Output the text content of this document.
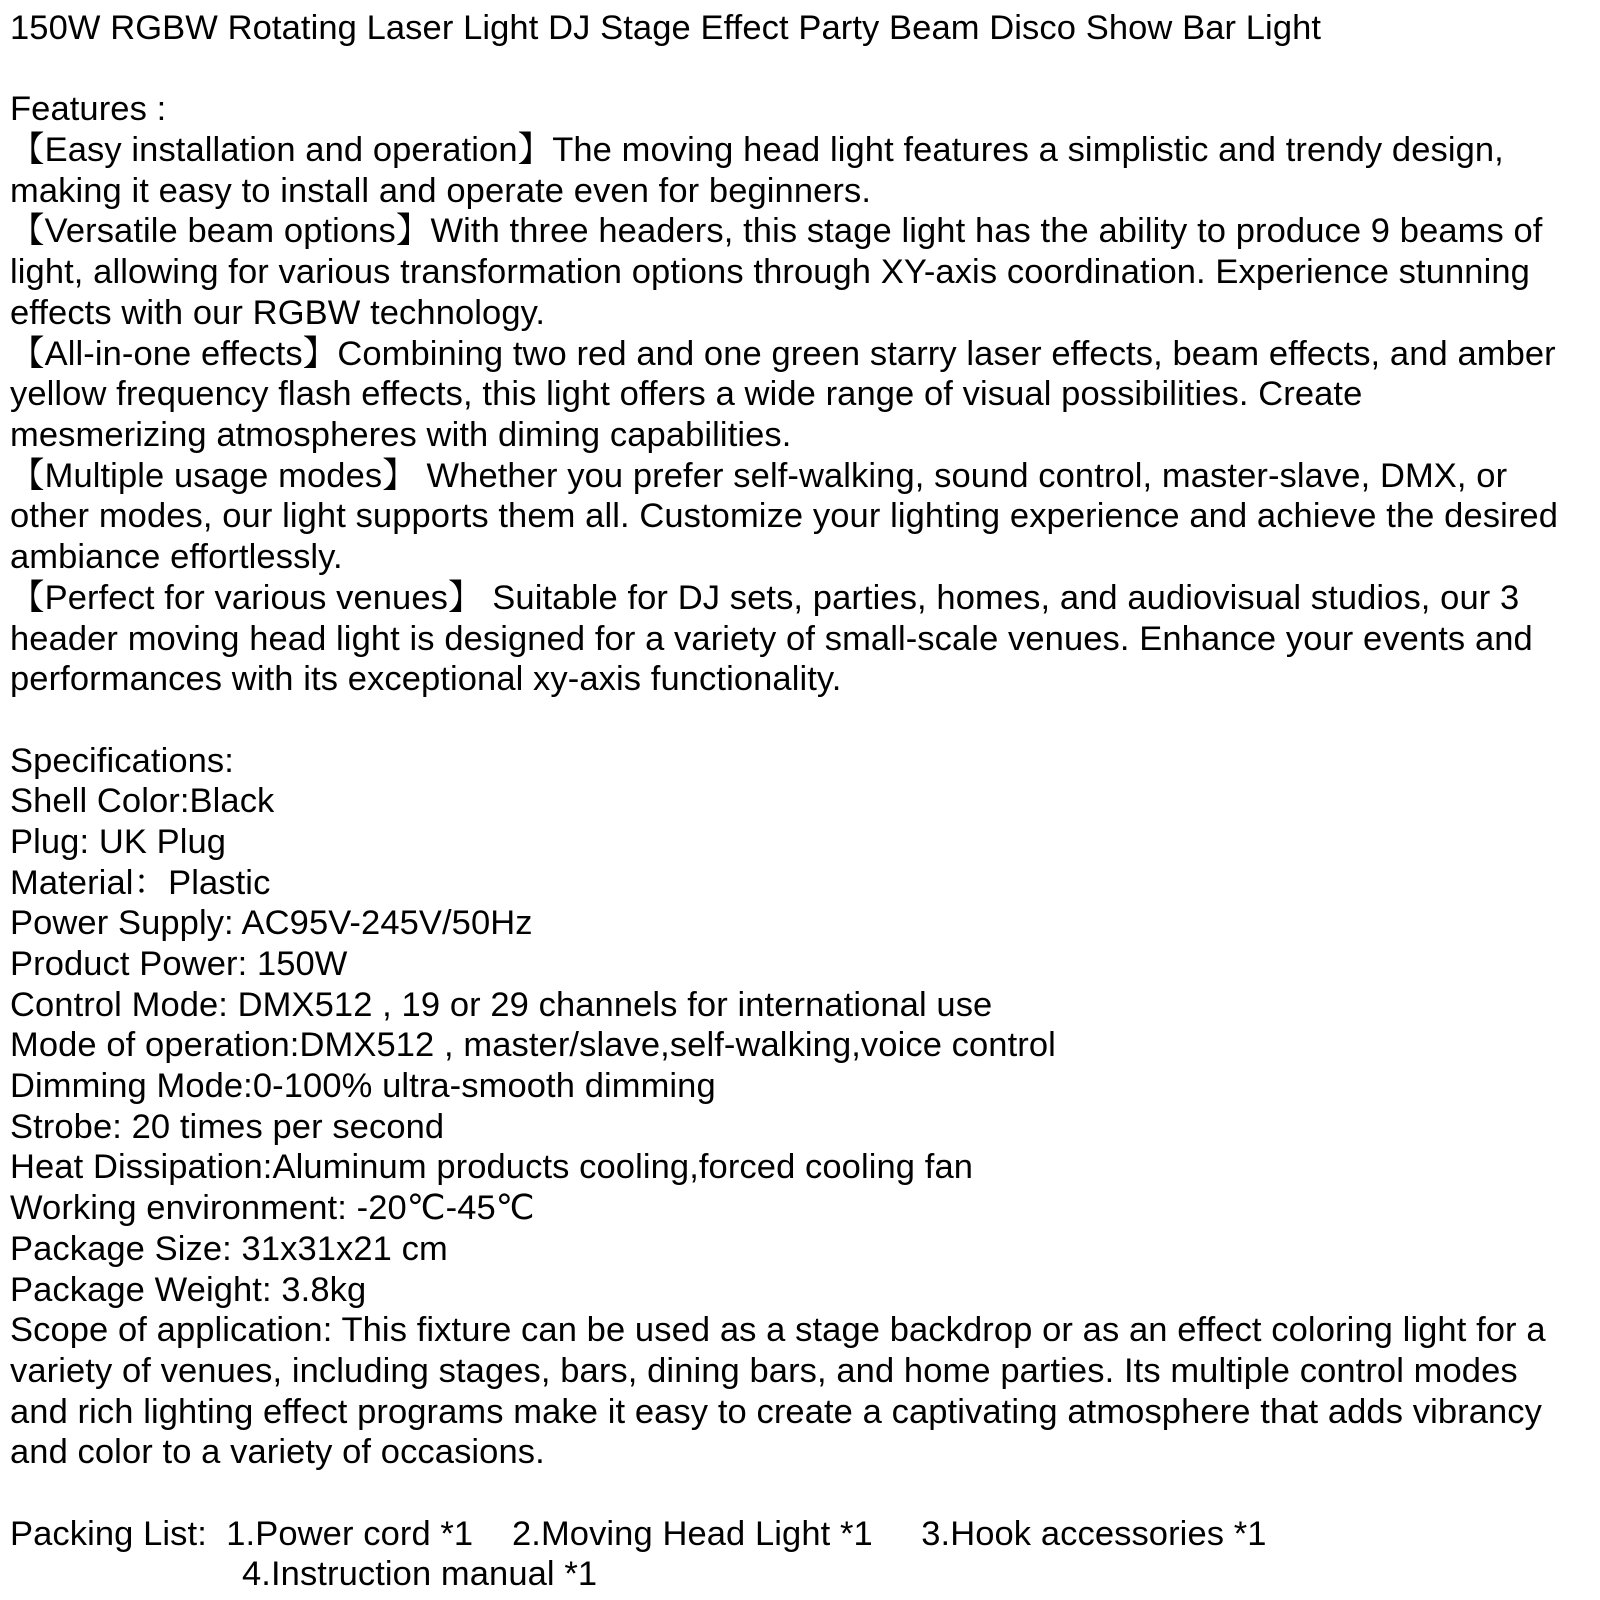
150W RGBW Rotating Laser Light DJ Stage Effect Party Beam Disco Show Bar Light
Features :
【Easy installation and operation】The moving head light features a simplistic and trendy design, making it easy to install and operate even for beginners.
【Versatile beam options】With three headers, this stage light has the ability to produce 9 beams of light, allowing for various transformation options through XY-axis coordination. Experience stunning effects with our RGBW technology.
【All-in-one effects】Combining two red and one green starry laser effects, beam effects, and amber yellow frequency flash effects, this light offers a wide range of visual possibilities. Create mesmerizing atmospheres with diming capabilities.
【Multiple usage modes】 Whether you prefer self-walking, sound control, master-slave, DMX, or other modes, our light supports them all. Customize your lighting experience and achieve the desired ambiance effortlessly.
【Perfect for various venues】 Suitable for DJ sets, parties, homes, and audiovisual studios, our 3 header moving head light is designed for a variety of small-scale venues. Enhance your events and performances with its exceptional xy-axis functionality.
Specifications:
Shell Color:Black
Plug: UK Plug
Material：Plastic
Power Supply: AC95V-245V/50Hz
Product Power: 150W
Control Mode: DMX512 , 19 or 29 channels for international use
Mode of operation:DMX512 , master/slave,self-walking,voice control
Dimming Mode:0-100% ultra-smooth dimming
Strobe: 20 times per second
Heat Dissipation:Aluminum products cooling,forced cooling fan
Working environment: -20℃-45℃
Package Size: 31x31x21 cm
Package Weight: 3.8kg
Scope of application: This fixture can be used as a stage backdrop or as an effect coloring light for a variety of venues, including stages, bars, dining bars, and home parties. Its multiple control modes and rich lighting effect programs make it easy to create a captivating atmosphere that adds vibrancy and color to a variety of occasions.
Packing List:  1.Power cord *1    2.Moving Head Light *1     3.Hook accessories *1
4.Instruction manual *1
